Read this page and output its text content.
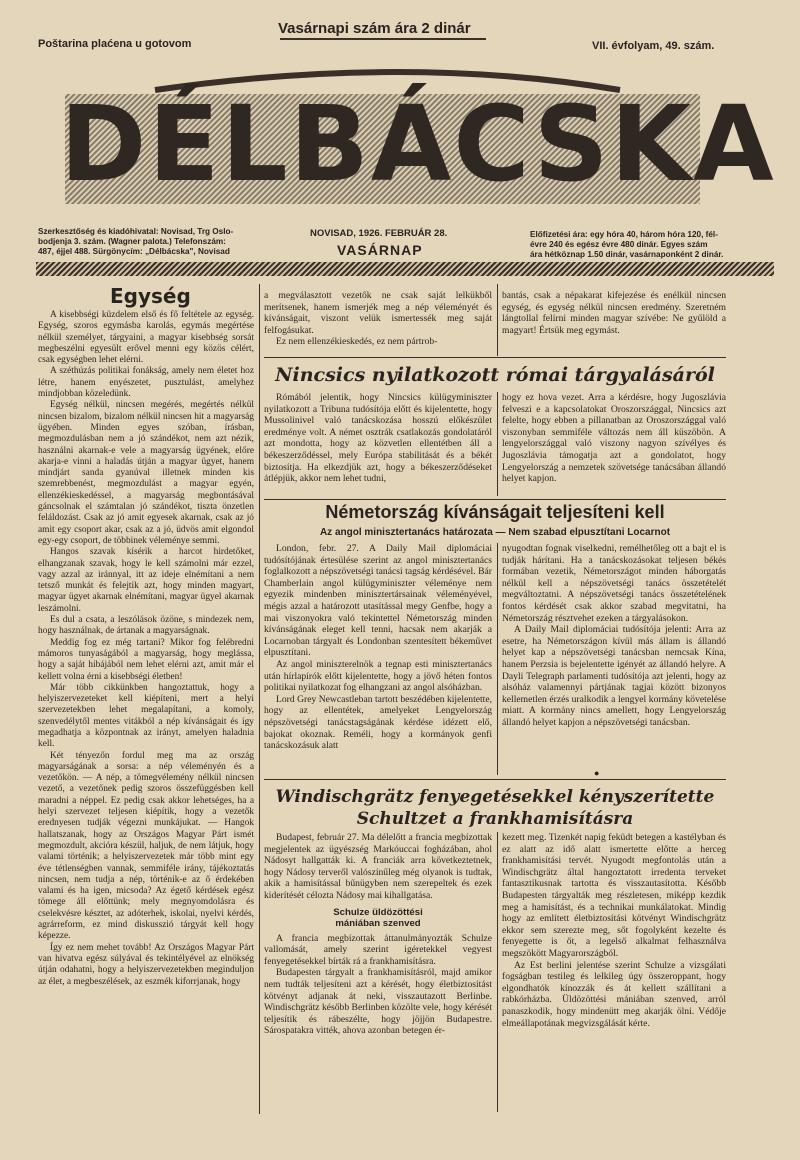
Poštarina plaćena u gotovom
Vasárnapi szám ára 2 dinár
VII. évfolyam, 49. szám.
DÉLBÁCSKA
Szerkesztőség és kiadóhivatal: Novisad, Trg Oslo-
bodjenja 3. szám. (Wagner palota.) Telefonszám:
487, éjjel 488. Sürgönycím: „Délbácska", Novisad
NOVISAD, 1926. FEBRUÁR 28.
VASÁRNAP
Előfizetési ára: egy hóra 40, három hóra 120, fél-
évre 240 és egész évre 480 dinár. Egyes szám
ára hétköznap 1.50 dinár, vasárnaponként 2 dinár.
Egység

A kisebbségi küzdelem első és fő feltétele az egység. Egység, szoros egymásba karolás, egymás megértése nélkül személyet, tárgyaini, a magyar kisebbség sorsát megbeszélni egyesült erővel menni egy közös célért, csak egységben lehet elérni.

A széthúzás politikai fonákság, amely nem életet hoz létre, hanem enyészetet, pusztulást, amelyhez mindjobban közeledünk.

Egység nélkül, nincsen megérés, megértés nélkül nincsen bizalom, bizalom nélkül nincsen hit a magyarság ügyében. Minden egyes szóban, írásban, megmozdulásban nem a jó szándékot, nem azt nézik, használni akarnak-e vele a magyarság ügyének, előre akarja-e vinni a haladás útján a magyar ügyet, hanem mindjárt sanda gyanúval illetnek minden kis szemrebbenést, megmozdulást a magyar egyén, ellenzékieskedéssel, a magyarság megbontásával gáncsolnak el számtalan jó szándékot, tiszta önzetlen feláldozást. Csak az jó amit egyesek akarnak, csak az jó amit egy csoport akar, csak az a jó, üdvös amit elgondol egy-egy csoport, de többinek véleménye semmi.

Hangos szavak kísérik a harcot hirdetőket, elhangzanak szavak, hogy le kell számolni már ezzel, vagy azzal az iránnyal, itt az ideje elnémítani a nem tetsző munkát és felejtik azt, hogy minden magyart, magyar ügyet akarnak elnémítani, magyar ügyel akarnak leszámolni.

Es dul a csata, a leszólások özöne, s mindezek nem, hogy használnak, de ártanak a magyarságnak.

Meddig fog ez még tartani? Mikor fog felébredni mámoros tunyaságából a magyarság, hogy meglássa, hogy a saját hibájából nem lehet elérni azt, amit már el kellett volna érni a kisebbségi életben!

Már több cikkünkben hangoztattuk, hogy a helyiszervezeteket kell kiépíteni, mert a helyi szervezetekben lehet megalapítani, a komoly, szenvedélytől mentes vitákból a nép kívánságait és így megadhatja a központnak az irányt, amelyen haladnia kell.

Két tényezőn fordul meg ma az ország magyarságának a sorsa: a nép véleményén és a vezetőkön. — A nép, a tömegvélemény nélkül nincsen vezető, a vezetőnek pedig szoros összefüggésben kell maradni a néppel. Ez pedig csak akkor lehetséges, ha a helyi szervezet teljesen kiépítik, hogy a vezetők erednyesen tudják végezni munkájukat. — Hangok hallatszanak, hogy az Országos Magyar Párt ismét megmozdult, akcióra készül, haljuk, de nem látjuk, hogy valami történik; a helyiszervezetek már több mint egy éve tétlenségben vannak, semmiféle irány, tájékoztatás nincsen, nem tudja a nép, történik-e az ő érdekében valami és ha igen, micsoda? Az égető kérdések egész tömege áll előttünk; mely megnyomdolásra és cselekvésre késztet, az adóterhek, iskolai, nyelvi kérdés, agrárreform, ez mind diskusszió tárgyát kell hogy képezze.

Így ez nem mehet tovább! Az Országos Magyar Párt van hivatva egész súlyával és tekintélyével az elnökség útján odahatni, hogy a helyiszervezetekben meginduljon az élet, a megbeszélések, az eszmék kiforrjanak, hogy

a megválasztott vezetők ne csak saját lelkükből merítsenek, hanem ismerjék meg a nép véleményét és kívánságait, viszont velük ismertessék meg saját felfogásukat.

Ez nem ellenzékieskedés, ez nem pártrob-

bantás, csak a népakarat kifejezése és enélkül nincsen egység, és egység nélkül nincsen eredmény. Szeretném lángtollal felírni minden magyar szívébe: Ne gyűlöld a magyart! Értsük meg egymást.

Nincsics nyilatkozott római tárgyalásáról

Rómából jelentik, hogy Nincsics külügyminiszter nyilatkozott a Tribuna tudósítója előtt és kijelentette, hogy Mussolinivel való tanácskozása hosszú előkészület eredménye volt. A német osztrák csatlakozás gondolatáról azt mondotta, hogy az közvetlen ellentétben áll a békeszerződéssel, mely Európa stabilitását és a békét biztosítja. Ha elkezdjük azt, hogy a békeszerződéseket átlépjük, akkor nem lehet tudni,

hogy ez hova vezet. Arra a kérdésre, hogy Jugoszlávia felveszi e a kapcsolatokat Oroszországgal, Nincsics azt felelte, hogy ebben a pillanatban az Oroszországgal való viszonyban semmiféle változás nem áll küszöbön. A lengyelországgal való viszony nagyon szívélyes és Jugoszlávia támogatja azt a gondolatot, hogy Lengyelország a nemzetek szövetsége tanácsában állandó helyet kapjon.

Németország kívánságait teljesíteni kell
Az angol minisztertanács határozata — Nem szabad elpusztítani Locarnot

London, febr. 27. A Daily Mail diplomáciai tudósítójának értesülése szerint az angol minisztertanács foglalkozott a népszövetségi tanácsi tagság kérdésével. Bár Chamberlain angol külügyminiszter véleménye nem egyezik mindenben minisztertársainak véleményével, mégis azzal a határozott utasítással megy Genfbe, hogy a mai viszonyokra való tekintettel Németország minden kívánságának eleget kell tenni, hacsak nem akarják a Locarnoban tárgyalt és Londonban szentesített békeművet elpusztítani.

Az angol miniszterelnök a tegnap esti minisztertanács után hírlapírók előtt kijelentette, hogy a jövő héten fontos politikai nyilatkozat fog elhangzani az angol alsóházban.

Lord Grey Newcastleban tartott beszédében kijelentette, hogy az ellentétek, amelyeket Lengyelország népszövetségi tanácstagságának kérdése idézett elő, bajokat okoznak. Reméli, hogy a kormányok genfi tanácskozásuk alatt

nyugodtan fognak viselkedni, remélhetőleg ott a bajt el is tudják hárítani. Ha a tanácskozásokat teljesen békés formában vezetik, Németországot minden háborgatás nélkül kell a népszövetségi tanács összetételét megváltoztatni. A népszövetségi tanács összetételének fontos kérdését csak akkor szabad megvitatni, ha Németország résztvehet ezeken a tárgyalásokon.

A Daily Mail diplomáciai tudósítója jelenti: Arra az esetre, ha Németországon kívül más állam is állandó helyet kap a népszövetségi tanácsban nemcsak Kína, hanem Perzsia is bejelentette igényét az állandó helyre. A Dayli Telegraph parlamenti tudósítója azt jelenti, hogy az alsóház valamennyi pártjának tagjai között bizonyos kellemetlen érzés uralkodik a lengyel kormány követelése miatt. A kormány nincs amellett, hogy Lengyelország állandó helyet kapjon a népszövetségi tanácsban.

●
Windischgrätz fenyegetésekkel kényszerítette
Schultzet a frankhamisításra

Budapest, február 27. Ma délelőtt a francia megbízottak megjelentek az ügyészség Markóuccai fogházában, ahol Nádosyt hallgatták ki. A franciák arra következtetnek, hogy Nádosy terveről valószínűleg még olyanok is tudtak, akik a hamisítással bűnügyben nem szerepeltek és ezek kiderítését célozta Nádosy mai kihallgatása.

Schulze üldözöttési
mániában szenved

A francia megbízottak áttanulmányozták Schulze vallomását, amely szerint igéretekkel vegyest fenyegetésekkel bírták rá a frankhamisításra.

Budapesten tárgyalt a frankhamisításról, majd amikor nem tudták teljesíteni azt a kérését, hogy életbiztosítást kötvényt adjanak át neki, visszautazott Berlinbe. Windischgrätz később Berlinben közölte vele, hogy kérését teljesítik és rábeszélte, hogy jöjjön Budapestre. Sárospatakra vitték, ahova azonban betegen ér-

kezett meg. Tizenkét napig feküdt betegen a kastélyban és ez alatt az idő alatt ismertette előtte a herceg frankhamisítási tervét. Nyugodt megfontolás után a Windischgrätz által hangoztatott irredenta terveket fantasztikusnak tartotta és visszautasította. Később Budapesten tárgyalták meg részletesen, miképp kezdik meg a hamisítást, és a technikai munkálatokat. Mindig hogy az említett életbiztosítási kötvényt Windischgrätz ekkor sem szerezte meg, sőt fogolyként kezelte és fenyegette is őt, a legelső alkalmat felhasználva megszökött Magyarországból.

Az Est berlini jelentése szerint Schulze a vizsgálati fogságban testileg és lelkileg úgy összeroppant, hogy elgondhatók kínozzák és át kellett szállítani a rabkórházba. Üldözöttési mániában szenved, arról panaszkodik, hogy mindenütt meg akarják ölni. Védője elmeállapotának megvizsgálását kérte.
